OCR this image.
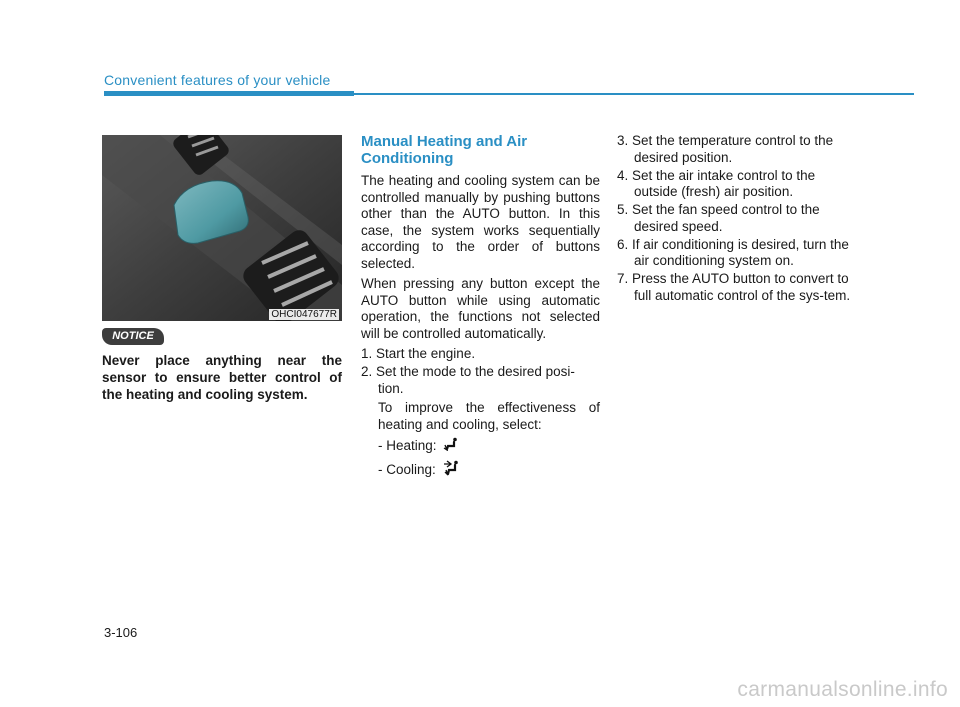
Convenient features of your vehicle
OHCI047677R
NOTICE
Never place anything near the sensor to ensure better control of the heating and cooling system.
Manual Heating and Air Conditioning

The heating and cooling system can be controlled manually by pushing buttons other than the AUTO button. In this case, the system works sequentially according to the order of buttons selected.

When pressing any button except the AUTO button while using automatic operation, the functions not selected will be controlled automatically.

1. Start the engine.
2. Set the mode to the desired posi-tion.
To improve the effectiveness of heating and cooling, select:
- Heating:
- Cooling:
3. Set the temperature control to the desired position.
4. Set the air intake control to the outside (fresh) air position.
5. Set the fan speed control to the desired speed.
6. If air conditioning is desired, turn the air conditioning system on.
7. Press the AUTO button to convert to full automatic control of the sys-tem.
3-106
carmanualsonline.info
